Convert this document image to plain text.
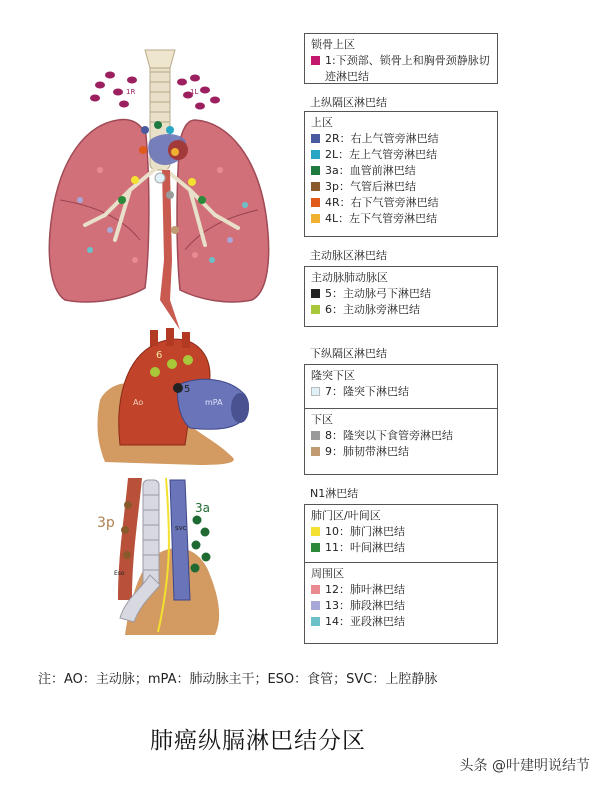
1R	1L
6
5
Ao	mPA
3p
3a
svc
Eso
锁骨上区
1:下颈部、锁骨上和胸骨颈静脉切迹淋巴结
上纵隔区淋巴结
上区
2R：右上气管旁淋巴结
2L：左上气管旁淋巴结
3a：血管前淋巴结
3p：气管后淋巴结
4R：右下气管旁淋巴结
4L：左下气管旁淋巴结
主动脉区淋巴结
主动脉肺动脉区
5：主动脉弓下淋巴结
6：主动脉旁淋巴结
下纵隔区淋巴结
隆突下区
7：隆突下淋巴结
下区
8：隆突以下食管旁淋巴结
9：肺韧带淋巴结
N1淋巴结
肺门区/叶间区
10：肺门淋巴结
11：叶间淋巴结
周围区
12：肺叶淋巴结
13：肺段淋巴结
14：亚段淋巴结
注：AO：主动脉；mPA：肺动脉主干；ESO：食管；SVC：上腔静脉
肺癌纵膈淋巴结分区
头条 @叶建明说结节
